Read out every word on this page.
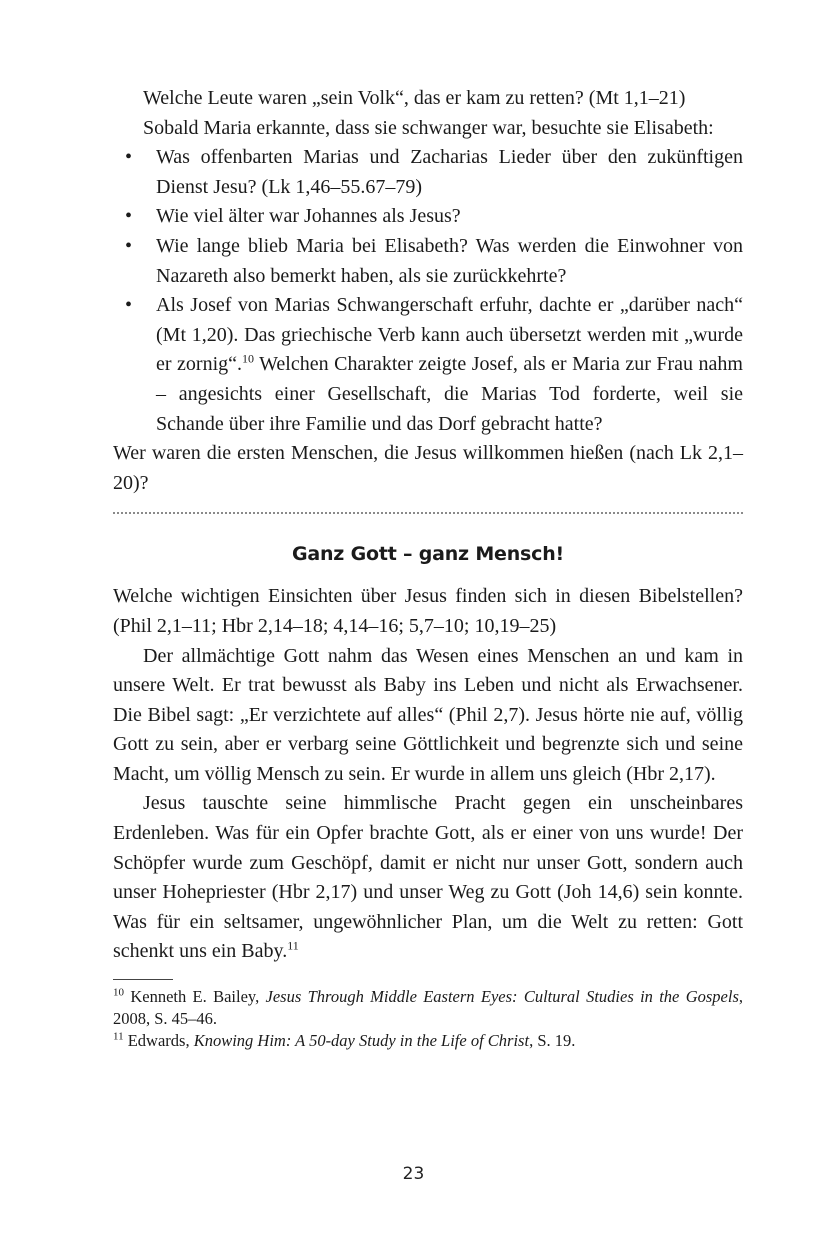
Welche Leute waren „sein Volk“, das er kam zu retten? (Mt 1,1–21)

Sobald Maria erkannte, dass sie schwanger war, besuchte sie Elisabeth:

• Was offenbarten Marias und Zacharias Lieder über den zukünftigen Dienst Jesu? (Lk 1,46–55.67–79)
• Wie viel älter war Johannes als Jesus?
• Wie lange blieb Maria bei Elisabeth? Was werden die Einwohner von Nazareth also bemerkt haben, als sie zurückkehrte?
• Als Josef von Marias Schwangerschaft erfuhr, dachte er „darüber nach“ (Mt 1,20). Das griechische Verb kann auch übersetzt werden mit „wurde er zornig“.$^{10}$ Welchen Charakter zeigte Josef, als er Maria zur Frau nahm – angesichts einer Gesellschaft, die Marias Tod forderte, weil sie Schande über ihre Familie und das Dorf gebracht hatte?

Wer waren die ersten Menschen, die Jesus willkommen hießen (nach Lk 2,1–20)?

Ganz Gott – ganz Mensch!

Welche wichtigen Einsichten über Jesus finden sich in diesen Bibelstellen? (Phil 2,1–11; Hbr 2,14–18; 4,14–16; 5,7–10; 10,19–25)

Der allmächtige Gott nahm das Wesen eines Menschen an und kam in unsere Welt. Er trat bewusst als Baby ins Leben und nicht als Erwachsener. Die Bibel sagt: „Er verzichtete auf alles“ (Phil 2,7). Jesus hörte nie auf, völlig Gott zu sein, aber er verbarg seine Göttlichkeit und begrenzte sich und seine Macht, um völlig Mensch zu sein. Er wurde in allem uns gleich (Hbr 2,17).

Jesus tauschte seine himmlische Pracht gegen ein unscheinbares Erdenleben. Was für ein Opfer brachte Gott, als er einer von uns wurde! Der Schöpfer wurde zum Geschöpf, damit er nicht nur unser Gott, sondern auch unser Hohepriester (Hbr 2,17) und unser Weg zu Gott (Joh 14,6) sein konnte. Was für ein seltsamer, ungewöhnlicher Plan, um die Welt zu retten: Gott schenkt uns ein Baby.$^{11}$

$^{10}$ Kenneth E. Bailey, Jesus Through Middle Eastern Eyes: Cultural Studies in the Gospels, 2008, S. 45–46.
$^{11}$ Edwards, Knowing Him: A 50-day Study in the Life of Christ, S. 19.
23
